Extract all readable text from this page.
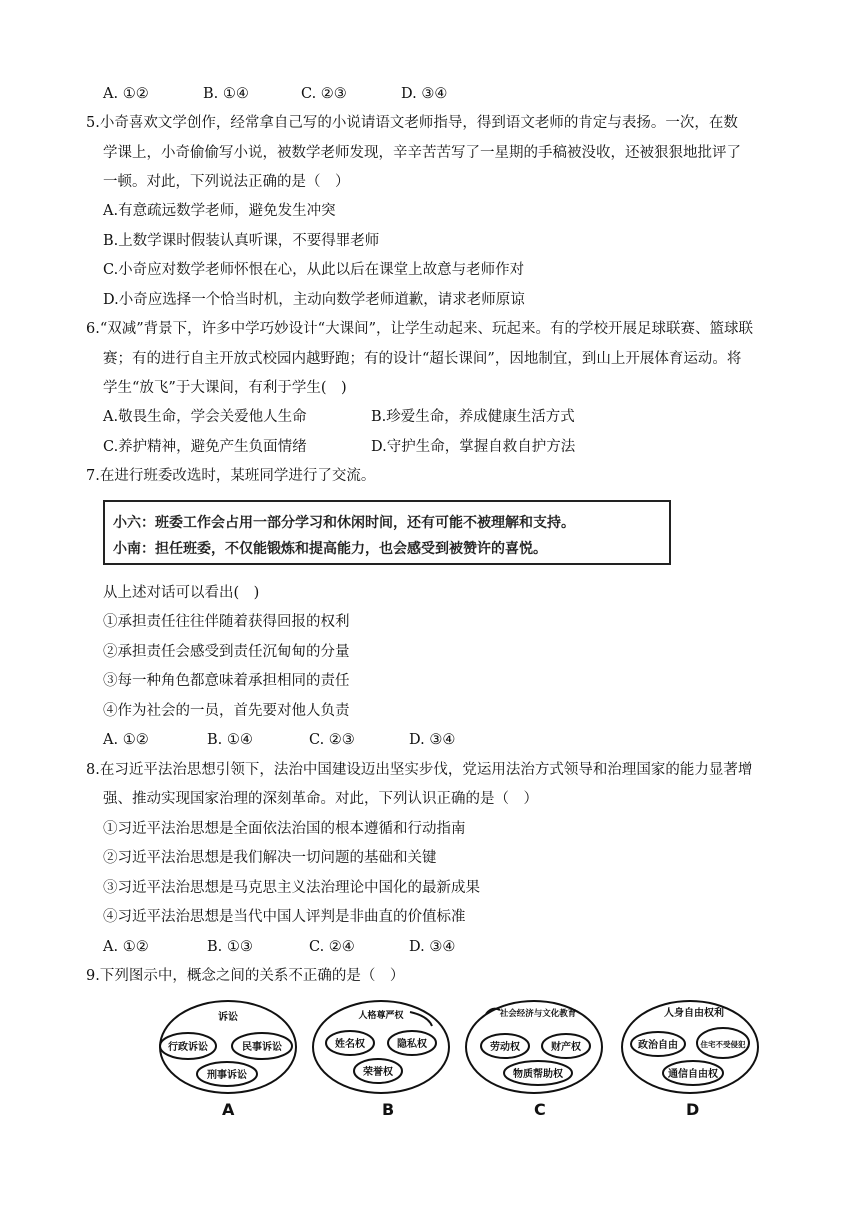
A. ①②	B. ①④	C. ②③	D. ③④
5.小奇喜欢文学创作，经常拿自己写的小说请语文老师指导，得到语文老师的肯定与表扬。一次，在数
学课上，小奇偷偷写小说，被数学老师发现，辛辛苦苦写了一星期的手稿被没收，还被狠狠地批评了
一顿。对此，下列说法正确的是（　）
A.有意疏远数学老师，避免发生冲突
B.上数学课时假装认真听课，不要得罪老师
C.小奇应对数学老师怀恨在心，从此以后在课堂上故意与老师作对
D.小奇应选择一个恰当时机，主动向数学老师道歉，请求老师原谅
6.“双减”背景下，许多中学巧妙设计“大课间”，让学生动起来、玩起来。有的学校开展足球联赛、篮球联
赛；有的进行自主开放式校园内越野跑；有的设计“超长课间”，因地制宜，到山上开展体育运动。将
学生“放飞”于大课间，有利于学生(　)
A.敬畏生命，学会关爱他人生命	B.珍爱生命，养成健康生活方式
C.养护精神，避免产生负面情绪	D.守护生命，掌握自救自护方法
7.在进行班委改选时，某班同学进行了交流。
小六：班委工作会占用一部分学习和休闲时间，还有可能不被理解和支持。
小南：担任班委，不仅能锻炼和提高能力，也会感受到被赞许的喜悦。
从上述对话可以看出(　)
①承担责任往往伴随着获得回报的权利
②承担责任会感受到责任沉甸甸的分量
③每一种角色都意味着承担相同的责任
④作为社会的一员，首先要对他人负责
A. ①②	B. ①④	C. ②③	D. ③④
8.在习近平法治思想引领下，法治中国建设迈出坚实步伐，党运用法治方式领导和治理国家的能力显著增
强、推动实现国家治理的深刻革命。对此，下列认识正确的是（　）
①习近平法治思想是全面依法治国的根本遵循和行动指南
②习近平法治思想是我们解决一切问题的基础和关键
③习近平法治思想是马克思主义法治理论中国化的最新成果
④习近平法治思想是当代中国人评判是非曲直的价值标准
A. ①②	B. ①③	C. ②④	D. ③④
9.下列图示中，概念之间的关系不正确的是（　）
诉讼
行政诉讼	民事诉讼
刑事诉讼
人格尊严权
姓名权	隐私权
荣誉权
社会经济与文化教育
劳动权	财产权
物质帮助权
人身自由权利
政治自由	住宅不受侵犯
通信自由权
A	B	C	D
